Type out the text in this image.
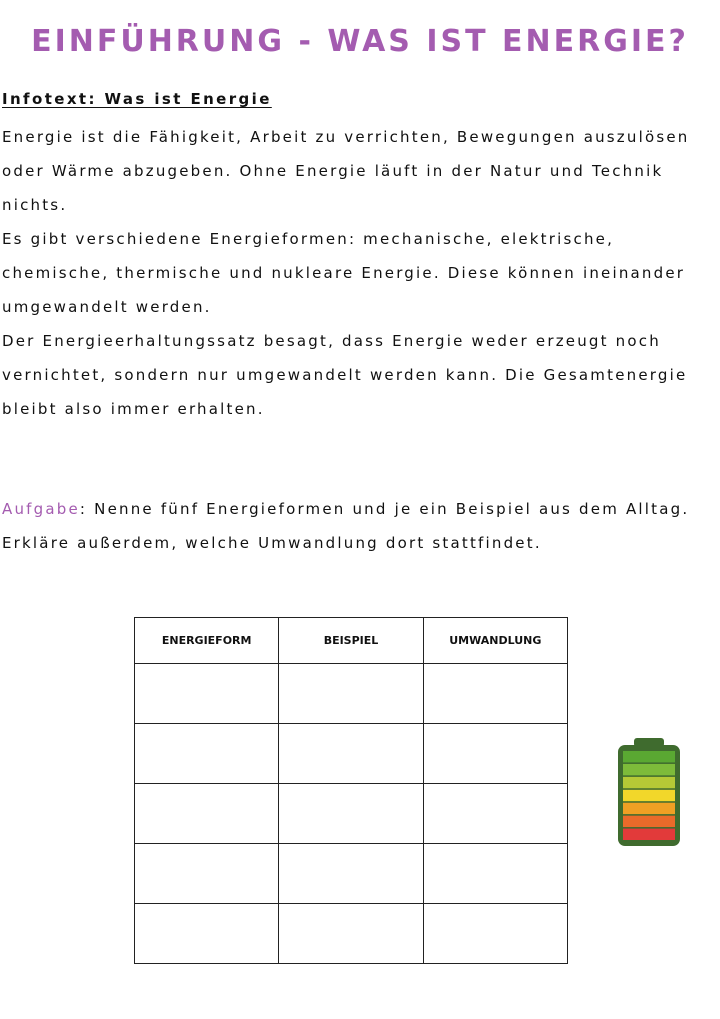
EINFÜHRUNG - WAS IST ENERGIE?
Infotext: Was ist Energie

Energie ist die Fähigkeit, Arbeit zu verrichten, Bewegungen auszulösen oder Wärme abzugeben. Ohne Energie läuft in der Natur und Technik nichts.

Es gibt verschiedene Energieformen: mechanische, elektrische, chemische, thermische und nukleare Energie. Diese können ineinander umgewandelt werden.

Der Energieerhaltungssatz besagt, dass Energie weder erzeugt noch vernichtet, sondern nur umgewandelt werden kann. Die Gesamtenergie bleibt also immer erhalten.

Aufgabe: Nenne fünf Energieformen und je ein Beispiel aus dem Alltag. Erkläre außerdem, welche Umwandlung dort stattfindet.

ENERGIEFORM	BEISPIEL	UMWANDLUNG
